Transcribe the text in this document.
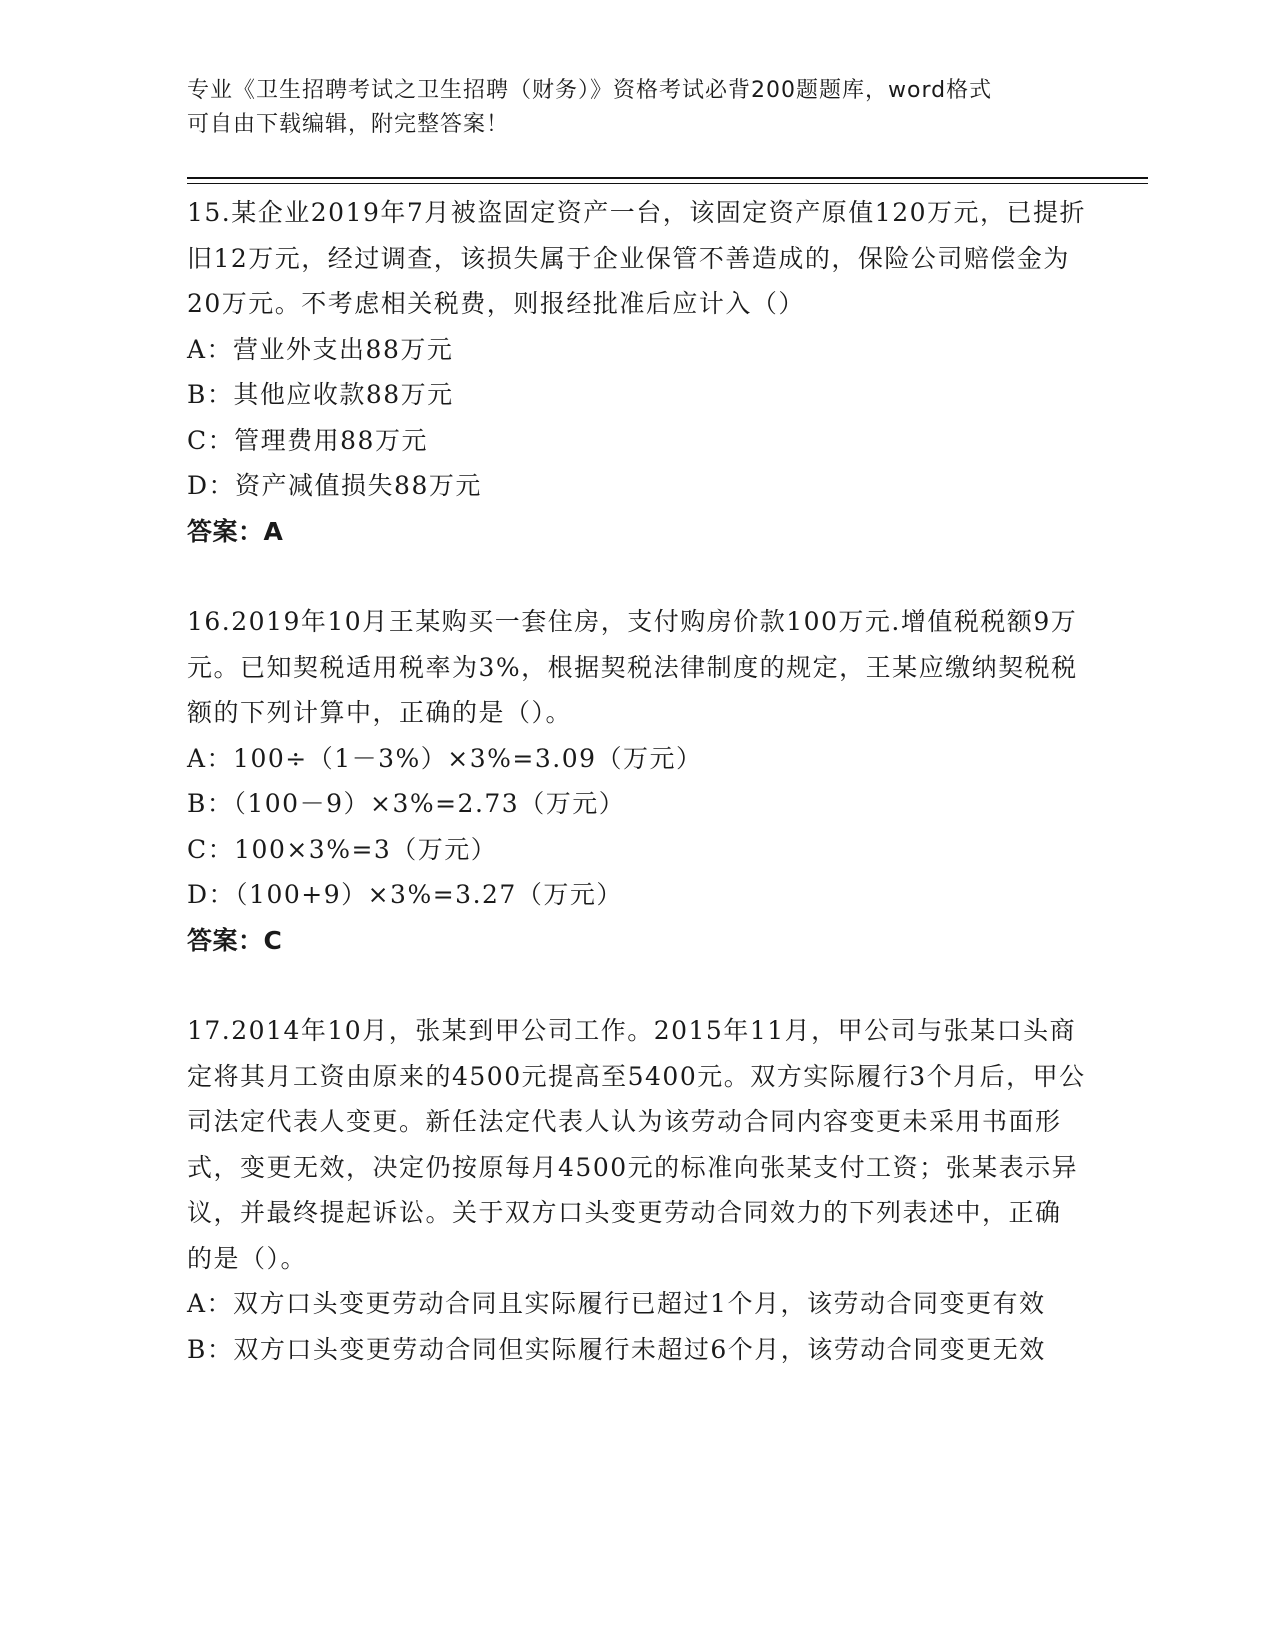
专业《卫生招聘考试之卫生招聘（财务）》资格考试必背200题题库，word格式
可自由下载编辑，附完整答案！

15.某企业2019年7月被盗固定资产一台，该固定资产原值120万元，已提折旧12万元，经过调查，该损失属于企业保管不善造成的，保险公司赔偿金为20万元。不考虑相关税费，则报经批准后应计入（）

A：营业外支出88万元

B：其他应收款88万元

C：管理费用88万元

D：资产减值损失88万元

答案：A

16.2019年10月王某购买一套住房，支付购房价款100万元.增值税税额9万元。已知契税适用税率为3%，根据契税法律制度的规定，王某应缴纳契税税额的下列计算中，正确的是（）。

A：100÷（1－3%）×3%=3.09（万元）

B：（100－9）×3%=2.73（万元）

C：100×3%=3（万元）

D：（100+9）×3%=3.27（万元）

答案：C

17.2014年10月，张某到甲公司工作。2015年11月，甲公司与张某口头商定将其月工资由原来的4500元提高至5400元。双方实际履行3个月后，甲公司法定代表人变更。新任法定代表人认为该劳动合同内容变更未采用书面形式，变更无效，决定仍按原每月4500元的标准向张某支付工资；张某表示异议，并最终提起诉讼。关于双方口头变更劳动合同效力的下列表述中，正确的是（）。

A：双方口头变更劳动合同且实际履行已超过1个月，该劳动合同变更有效

B：双方口头变更劳动合同但实际履行未超过6个月，该劳动合同变更无效
